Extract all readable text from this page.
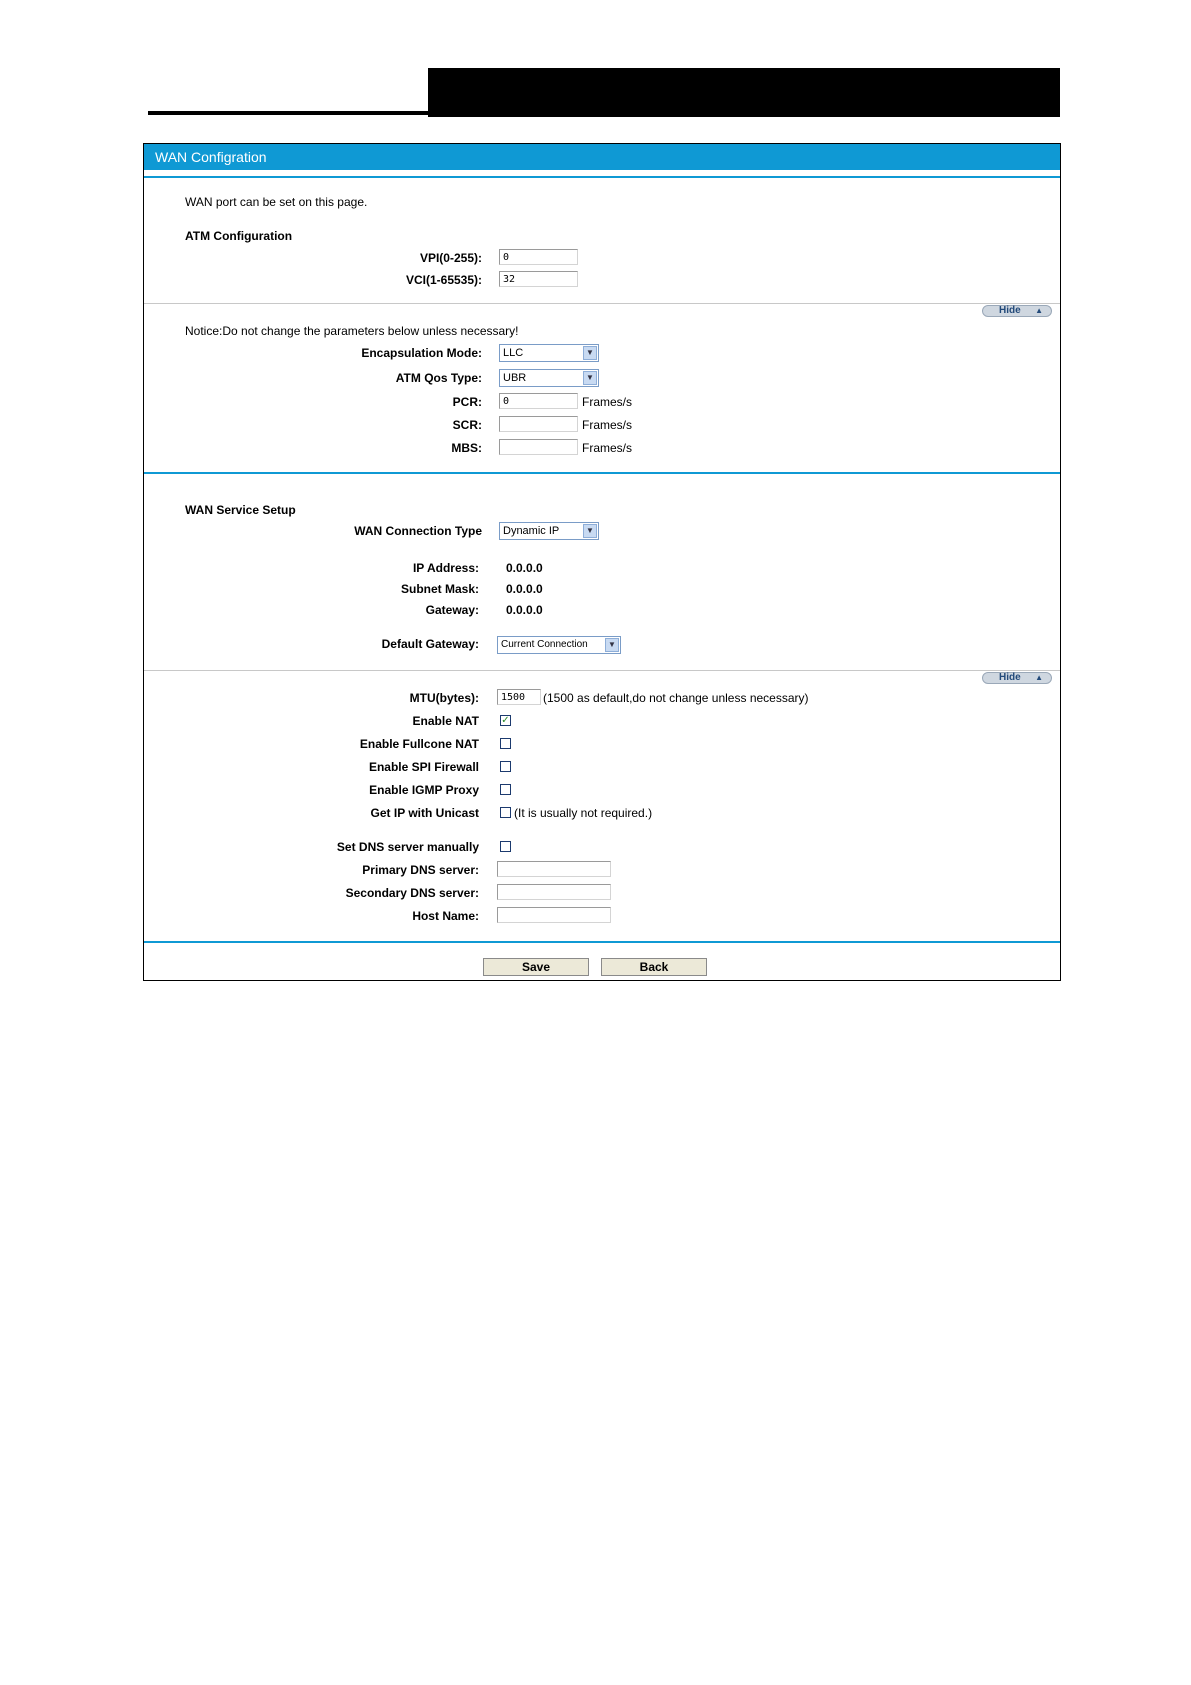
WAN Configration
WAN port can be set on this page.
ATM Configuration
VPI(0-255):	0
VCI(1-65535):	32
Hide ▲
Notice:Do not change the parameters below unless necessary!
Encapsulation Mode:	LLC	▼
ATM Qos Type:	UBR	▼
PCR:	0	Frames/s
SCR:	Frames/s
MBS:	Frames/s
WAN Service Setup
WAN Connection Type	Dynamic IP	▼
IP Address: 0.0.0.0
Subnet Mask: 0.0.0.0
Gateway: 0.0.0.0
Default Gateway:	Current Connection	▼
Hide ▲
MTU(bytes):	1500	(1500 as default,do not change unless necessary)
Enable NAT ✓
Enable Fullcone NAT
Enable SPI Firewall
Enable IGMP Proxy
Get IP with Unicast	(It is usually not required.)
Set DNS server manually
Primary DNS server:
Secondary DNS server:
Host Name:
Save	Back
